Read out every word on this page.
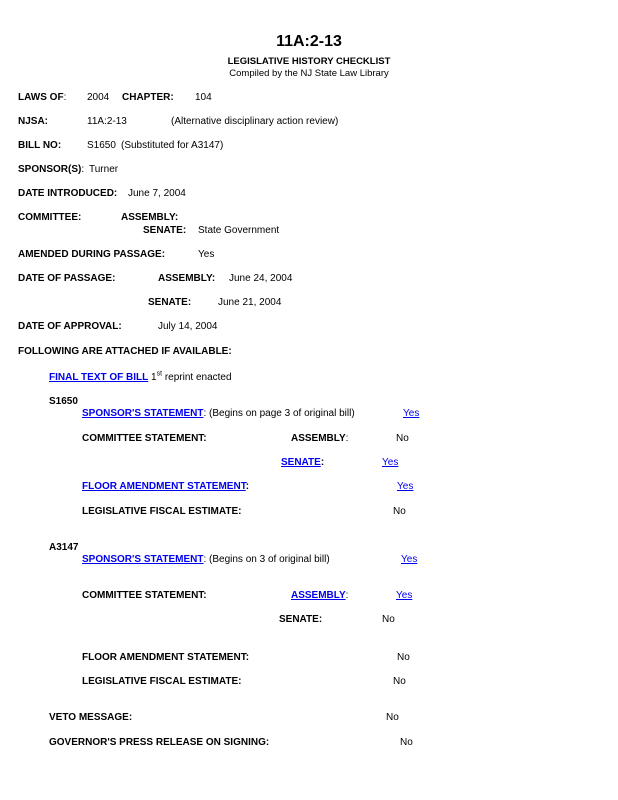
11A:2-13
LEGISLATIVE HISTORY CHECKLIST
Compiled by the NJ State Law Library
LAWS OF: 2004 CHAPTER: 104
NJSA:	11A:2-13	(Alternative disciplinary action review)
BILL NO:	S1650 (Substituted for A3147)
SPONSOR(S): Turner
DATE INTRODUCED: June 7, 2004
COMMITTEE:	ASSEMBLY:
SENATE: State Government
AMENDED DURING PASSAGE:	Yes
DATE OF PASSAGE:	ASSEMBLY: June 24, 2004
SENATE:	June 21, 2004
DATE OF APPROVAL:	July 14, 2004
FOLLOWING ARE ATTACHED IF AVAILABLE:
FINAL TEXT OF BILL 1st reprint enacted
S1650
SPONSOR'S STATEMENT: (Begins on page 3 of original bill)	Yes
COMMITTEE STATEMENT:	ASSEMBLY:	No
SENATE:	Yes
FLOOR AMENDMENT STATEMENT:	Yes
LEGISLATIVE FISCAL ESTIMATE:	No
A3147
SPONSOR'S STATEMENT: (Begins on 3 of original bill)	Yes
COMMITTEE STATEMENT:	ASSEMBLY:	Yes
SENATE:	No
FLOOR AMENDMENT STATEMENT:	No
LEGISLATIVE FISCAL ESTIMATE:	No
VETO MESSAGE:	No
GOVERNOR'S PRESS RELEASE ON SIGNING:	No
